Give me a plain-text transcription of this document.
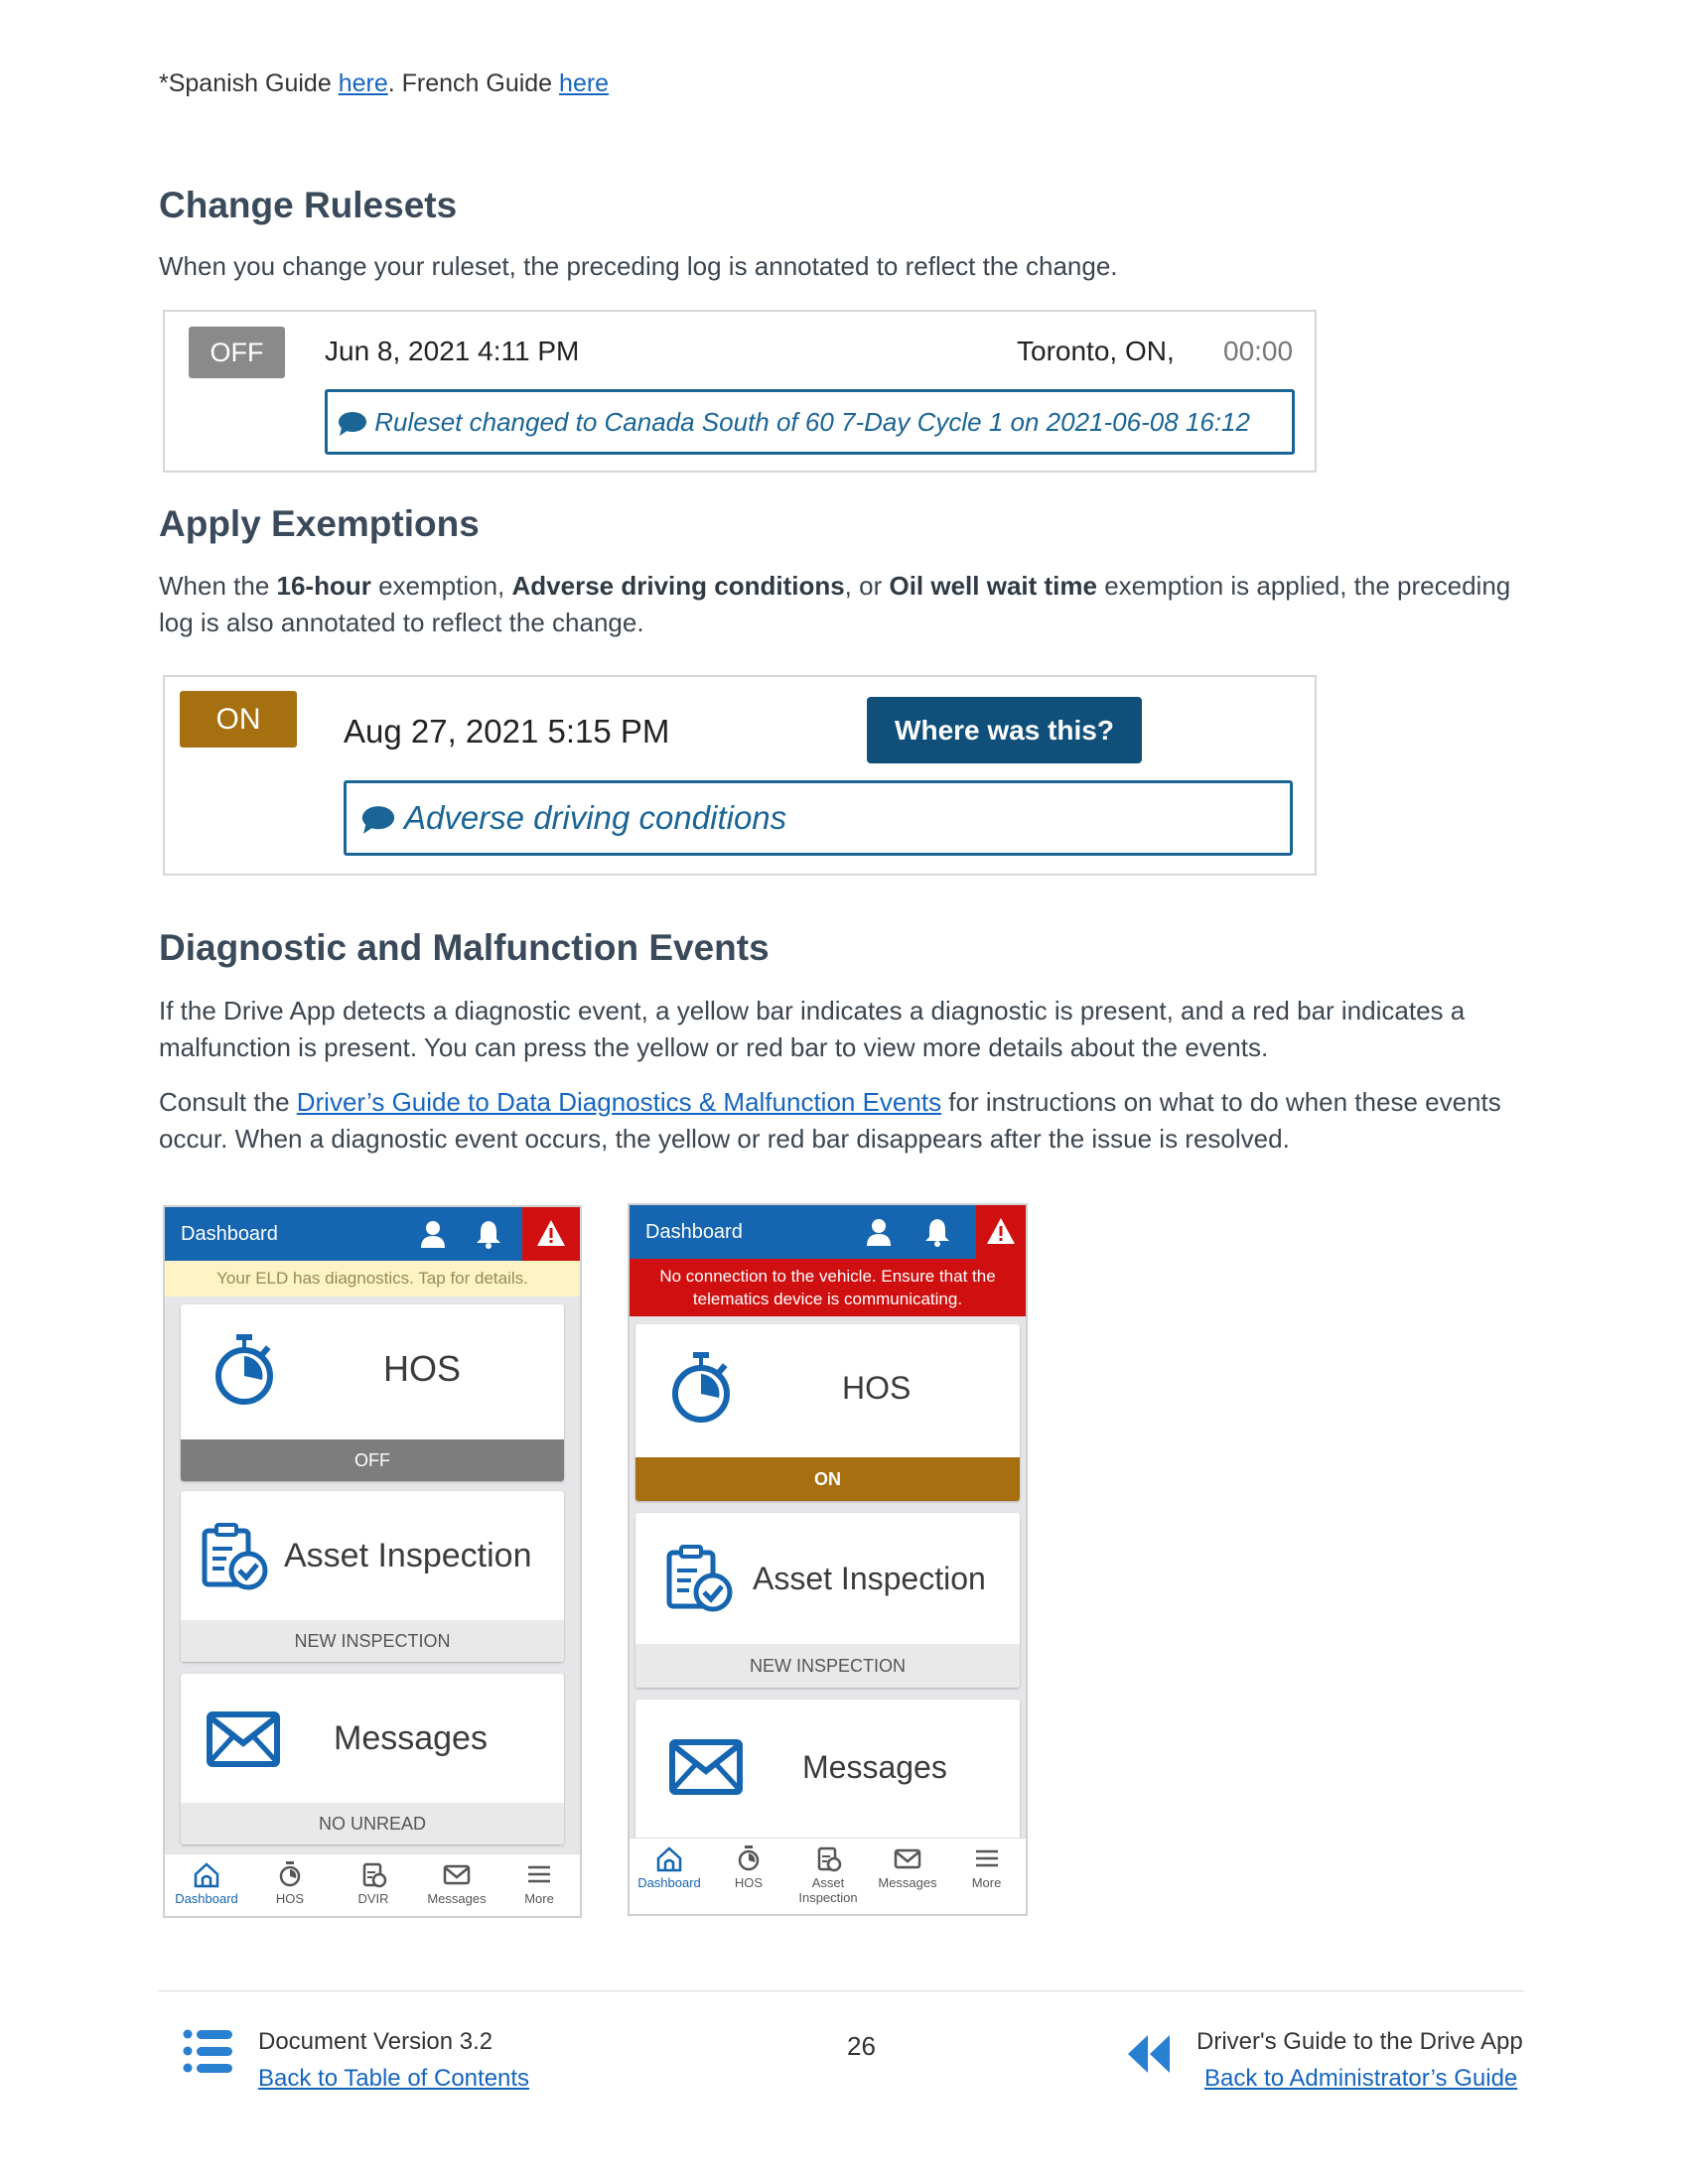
*Spanish Guide here. French Guide here
Change Rulesets
When you change your ruleset, the preceding log is annotated to reflect the change.
OFF	Jun 8, 2021 4:11 PM	Toronto, ON, 00:00
Ruleset changed to Canada South of 60 7-Day Cycle 1 on 2021-06-08 16:12
Apply Exemptions
When the 16-hour exemption, Adverse driving conditions, or Oil well wait time exemption is applied, the preceding log is also annotated to reflect the change.
ON	Aug 27, 2021 5:15 PM	Where was this?
Adverse driving conditions
Diagnostic and Malfunction Events
If the Drive App detects a diagnostic event, a yellow bar indicates a diagnostic is present, and a red bar indicates a malfunction is present. You can press the yellow or red bar to view more details about the events.
Consult the Driver’s Guide to Data Diagnostics & Malfunction Events for instructions on what to do when these events occur. When a diagnostic event occurs, the yellow or red bar disappears after the issue is resolved.
Dashboard
Your ELD has diagnostics. Tap for details.
HOS
OFF
Asset Inspection
NEW INSPECTION
Messages
NO UNREAD
Dashboard	HOS	DVIR	Messages	More
Dashboard
No connection to the vehicle. Ensure that the
telematics device is communicating.
HOS
ON
Asset Inspection
NEW INSPECTION
Messages
Dashboard	HOS	Asset
Inspection
Messages	More
Document Version 3.2
Back to Table of Contents
26	Driver's Guide to the Drive App
Back to Administrator’s Guide
